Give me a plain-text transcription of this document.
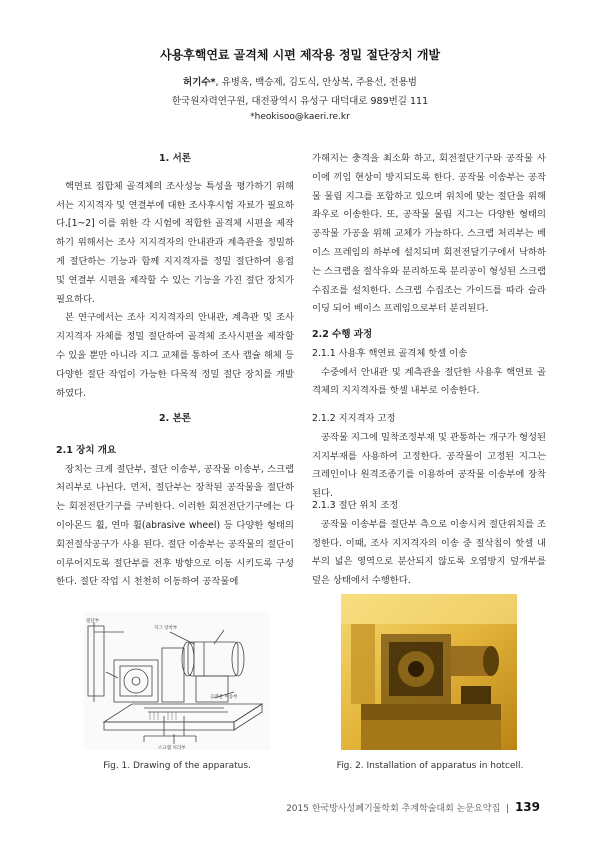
사용후핵연료 골격체 시편 제작용 정밀 절단장치 개발
허기수*, 유병옥, 백승제, 김도식, 안상복, 주용선, 전용범
한국원자력연구원, 대전광역시 유성구 대덕대로 989번길 111
*heokisoo@kaeri.re.kr
1. 서론

핵연료 집합체 골격체의 조사성능 특성을 평가하기 위해서는 지지격자 및 연결부에 대한 조사후시험 자료가 필요하다.[1~2] 이를 위한 각 시험에 적합한 골격체 시편을 제작하기 위해서는 조사 지지격자의 안내관과 계측관을 정밀하게 절단하는 기능과 함께 지지격자를 정밀 절단하여 용접 및 연결부 시편을 제작할 수 있는 기능을 가진 절단 장치가 필요하다.

본 연구에서는 조사 지지격자의 안내관, 계측관 및 조사 지지격자 자체를 정밀 절단하여 골격체 조사시편을 제작할 수 있을 뿐만 아니라 지그 교체를 통하여 조사 캡슐 해체 등 다양한 절단 작업이 가능한 다목적 정밀 절단 장치를 개발하였다.

2. 본론
2.1 장치 개요

장치는 크게 절단부, 절단 이송부, 공작물 이송부, 스크랩 처리부로 나뉜다. 먼저, 절단부는 장착된 공작물을 절단하는 회전전단기구를 구비한다. 이러한 회전전단기구에는 다이아몬드 휠, 연마 휠(abrasive wheel) 등 다양한 형태의 회전절삭공구가 사용 된다. 절단 이송부는 공작물의 절단이 이루어지도록 절단부를 전후 방향으로 이동 시키도록 구성한다. 절단 작업 시 천천히 이동하여 공작물에

가해지는 충격을 최소화 하고, 회전절단기구와 공작물 사이에 끼임 현상이 방지되도록 한다. 공작물 이송부는 공작물 물림 지그를 포함하고 있으며 위치에 맞는 절단을 위해 좌우로 이송한다. 또, 공작물 물림 지그는 다양한 형태의 공작물 가공을 위해 교체가 가능하다. 스크랩 처리부는 베이스 프레임의 하부에 설치되며 회전전달기구에서 낙하하는 스크랩을 절삭유와 분리하도록 분리공이 형성된 스크랩 수집조를 설치한다. 스크랩 수집조는 가이드를 따라 슬라이딩 되어 베이스 프레임으로부터 분리된다.

2.2 수행 과정
2.1.1 사용후 핵연료 골격체 핫셀 이송

수중에서 안내관 및 계측관을 절단한 사용후 핵연료 골격체의 지지격자를 핫셀 내부로 이송한다.

2.1.2 지지격자 고정

공작물 지그에 밀착조정부재 및 관통하는 개구가 형성된 지지부재를 사용하여 고정한다. 공작물이 고정된 지그는 크레인이나 원격조종기를 이용하여 공작물 이송부에 장착된다.

2.1.3 절단 위치 조정

공작물 이송부를 절단부 측으로 이송시켜 절단위치를 조정한다. 이때, 조사 지지격자의 이송 중 절삭칩이 핫셀 내부의 넓은 영역으로 분산되지 않도록 오염방지 덮개부를 덮은 상태에서 수행한다.

지그 장착부
공작물 이송부
스크랩 처리부
절단부
Fig. 1. Drawing of the apparatus.	Fig. 2. Installation of apparatus in hotcell.
2015 한국방사성폐기물학회 추계학술대회 논문요약집 | 139
